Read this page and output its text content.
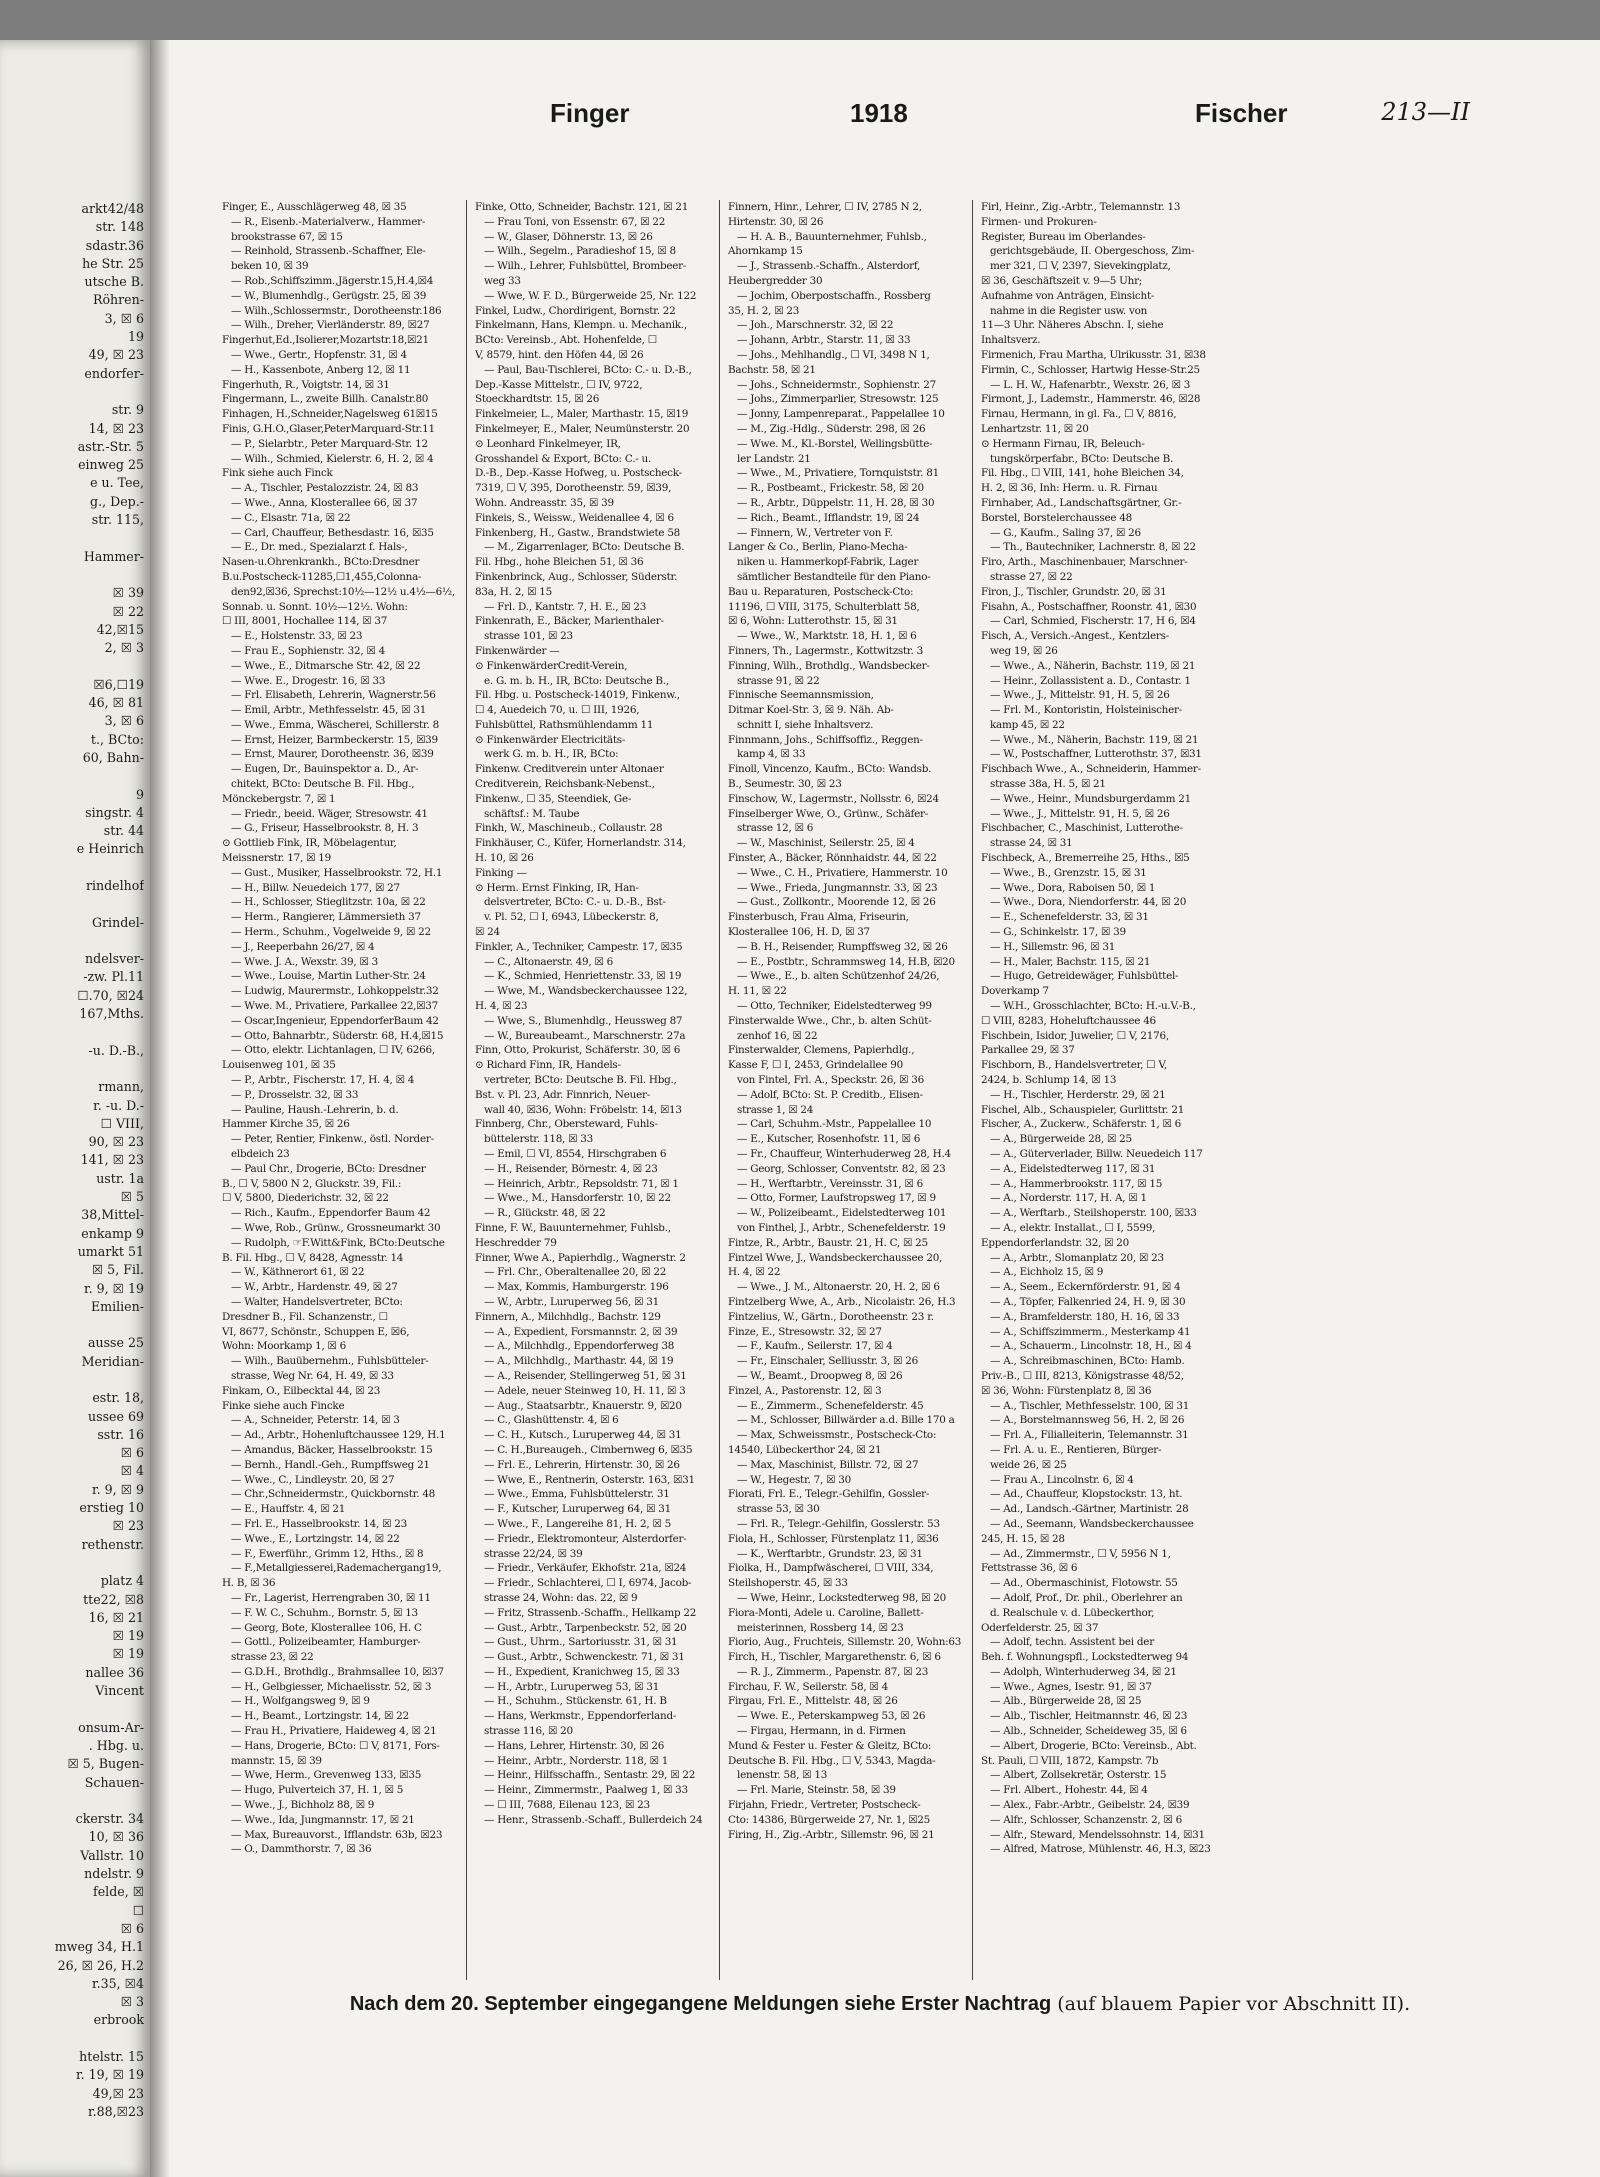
arkt42/48
str. 148
sdastr.36
he Str. 25
utsche B.
Röhren-
3, ☒ 6
19
49, ☒ 23
endorfer-
str. 9
14, ☒ 23
astr.-Str. 5
einweg 25
e u. Tee,
g., Dep.-
str. 115,
Hammer-
☒ 39
☒ 22
42,☒15
2, ☒ 3
☒6,☐19
46, ☒ 81
3, ☒ 6
t., BCto:
60, Bahn-
9
singstr. 4
str. 44
e Heinrich
rindelhof
Grindel-
ndelsver-
-zw. Pl.11
☐.70, ☒24
167,Mths.
-u. D.-B.,
rmann,
r. -u. D.-
☐ VIII,
90, ☒ 23
141, ☒ 23
ustr. 1a
☒ 5
38,Mittel-
enkamp 9
umarkt 51
☒ 5, Fil.
r. 9, ☒ 19
Emilien-
ausse 25
Meridian-
estr. 18,
ussee 69
sstr. 16
☒ 6
☒ 4
r. 9, ☒ 9
erstieg 10
☒ 23
rethenstr.
platz 4
tte22, ☒8
16, ☒ 21
☒ 19
☒ 19
nallee 36
Vincent
onsum-Ar-
. Hbg. u.
☒ 5, Bugen-
Schauen-
ckerstr. 34
10, ☒ 36
Vallstr. 10
ndelstr. 9
felde, ☒
☐
☒ 6
mweg 34, H.1
26, ☒ 26, H.2
r.35, ☒4
☒ 3
erbrook
htelstr. 15
r. 19, ☒ 19
49,☒ 23
r.88,☒23
Finger	1918	Fischer	213—II
Finger, E., Ausschlägerweg 48, ☒ 35
— R., Eisenb.-Materialverw., Hammer-
brookstrasse 67, ☒ 15
— Reinhold, Strassenb.-Schaffner, Ele-
beken 10, ☒ 39
— Rob.,Schiffszimm.,Jägerstr.15,H.4,☒4
— W., Blumenhdlg., Gerügstr. 25, ☒ 39
— Wilh.,Schlossermstr., Dorotheenstr.186
— Wilh., Dreher, Vierländerstr. 89, ☒27
Fingerhut,Ed.,Isolierer,Mozartstr.18,☒21
— Wwe., Gertr., Hopfenstr. 31, ☒ 4
— H., Kassenbote, Anberg 12, ☒ 11
Fingerhuth, R., Voigtstr. 14, ☒ 31
Fingermann, L., zweite Billh. Canalstr.80
Finhagen, H.,Schneider,Nagelsweg 61☒15
Finis, G.H.O.,Glaser,PeterMarquard-Str.11
— P., Sielarbtr., Peter Marquard-Str. 12
— Wilh., Schmied, Kielerstr. 6, H. 2, ☒ 4
Fink siehe auch Finck
— A., Tischler, Pestalozzistr. 24, ☒ 83
— Wwe., Anna, Klosterallee 66, ☒ 37
— C., Elsastr. 71a, ☒ 22
— Carl, Chauffeur, Bethesdastr. 16, ☒35
— E., Dr. med., Spezialarzt f. Hals-,
Nasen-u.Ohrenkrankh., BCto:Dresdner
B.u.Postscheck-11285,☐1,455,Colonna-
den92,☒36, Sprechst:10½—12½ u.4½—6½,
Sonnab. u. Sonnt. 10½—12½. Wohn:
☐ III, 8001, Hochallee 114, ☒ 37
— E., Holstenstr. 33, ☒ 23
— Frau E., Sophienstr. 32, ☒ 4
— Wwe., E., Ditmarsche Str. 42, ☒ 22
— Wwe. E., Drogestr. 16, ☒ 33
— Frl. Elisabeth, Lehrerin, Wagnerstr.56
— Emil, Arbtr., Methfesselstr. 45, ☒ 31
— Wwe., Emma, Wäscherei, Schillerstr. 8
— Ernst, Heizer, Barmbeckerstr. 15, ☒39
— Ernst, Maurer, Dorotheenstr. 36, ☒39
— Eugen, Dr., Bauinspektor a. D., Ar-
chitekt, BCto: Deutsche B. Fil. Hbg.,
Mönckebergstr. 7, ☒ 1
— Friedr., beeid. Wäger, Stresowstr. 41
— G., Friseur, Hasselbrookstr. 8, H. 3
⊙ Gottlieb Fink, IR, Möbelagentur,
Meissnerstr. 17, ☒ 19
— Gust., Musiker, Hasselbrookstr. 72, H.1
— H., Billw. Neuedeich 177, ☒ 27
— H., Schlosser, Stieglitzstr. 10a, ☒ 22
— Herm., Rangierer, Lämmersieth 37
— Herm., Schuhm., Vogelweide 9, ☒ 22
— J., Reeperbahn 26/27, ☒ 4
— Wwe. J. A., Wexstr. 39, ☒ 3
— Wwe., Louise, Martin Luther-Str. 24
— Ludwig, Maurermstr., Lohkoppelstr.32
— Wwe. M., Privatiere, Parkallee 22,☒37
— Oscar,Ingenieur, EppendorferBaum 42
— Otto, Bahnarbtr., Süderstr. 68, H.4,☒15
— Otto, elektr. Lichtanlagen, ☐ IV, 6266,
Louisenweg 101, ☒ 35
— P., Arbtr., Fischerstr. 17, H. 4, ☒ 4
— P., Drosselstr. 32, ☒ 33
— Pauline, Haush.-Lehrerin, b. d.
Hammer Kirche 35, ☒ 26
— Peter, Rentier, Finkenw., östl. Norder-
elbdeich 23
— Paul Chr., Drogerie, BCto: Dresdner
B., ☐ V, 5800 N 2, Gluckstr. 39, Fil.:
☐ V, 5800, Diederichstr. 32, ☒ 22
— Rich., Kaufm., Eppendorfer Baum 42
— Wwe, Rob., Grünw., Grossneumarkt 30
— Rudolph, ☞F.Witt&Fink, BCto:Deutsche
B. Fil. Hbg., ☐ V, 8428, Agnesstr. 14
— W., Käthnerort 61, ☒ 22
— W., Arbtr., Hardenstr. 49, ☒ 27
— Walter, Handelsvertreter, BCto:
Dresdner B., Fil. Schanzenstr., ☐
VI, 8677, Schönstr., Schuppen E, ☒6,
Wohn: Moorkamp 1, ☒ 6
— Wilh., Bauübernehm., Fuhlsbütteler-
strasse, Weg Nr. 64, H. 49, ☒ 33
Finkam, O., Eilbecktal 44, ☒ 23
Finke siehe auch Fincke
— A., Schneider, Peterstr. 14, ☒ 3
— Ad., Arbtr., Hohenluftchaussee 129, H.1
— Amandus, Bäcker, Hasselbrookstr. 15
— Bernh., Handl.-Geh., Rumpffsweg 21
— Wwe., C., Lindleystr. 20, ☒ 27
— Chr.,Schneidermstr., Quickbornstr. 48
— E., Hauffstr. 4, ☒ 21
— Frl. E., Hasselbrookstr. 14, ☒ 23
— Wwe., E., Lortzingstr. 14, ☒ 22
— F., Ewerführ., Grimm 12, Hths., ☒ 8
— F.,Metallgiesserei,Rademachergang19,
H. B, ☒ 36
— Fr., Lagerist, Herrengraben 30, ☒ 11
— F. W. C., Schuhm., Bornstr. 5, ☒ 13
— Georg, Bote, Klosterallee 106, H. C
— Gottl., Polizeibeamter, Hamburger-
strasse 23, ☒ 22
— G.D.H., Brothdlg., Brahmsallee 10, ☒37
— H., Gelbgiesser, Michaelisstr. 52, ☒ 3
— H., Wolfgangsweg 9, ☒ 9
— H., Beamt., Lortzingstr. 14, ☒ 22
— Frau H., Privatiere, Haideweg 4, ☒ 21
— Hans, Drogerie, BCto: ☐ V, 8171, Fors-
mannstr. 15, ☒ 39
— Wwe, Herm., Grevenweg 133, ☒35
— Hugo, Pulverteich 37, H. 1, ☒ 5
— Wwe., J., Bichholz 88, ☒ 9
— Wwe., Ida, Jungmannstr. 17, ☒ 21
— Max, Bureauvorst., Ifflandstr. 63b, ☒23
— O., Dammthorstr. 7, ☒ 36
Finke, Otto, Schneider, Bachstr. 121, ☒ 21
— Frau Toni, von Essenstr. 67, ☒ 22
— W., Glaser, Döhnerstr. 13, ☒ 26
— Wilh., Segelm., Paradieshof 15, ☒ 8
— Wilh., Lehrer, Fuhlsbüttel, Brombeer-
weg 33
— Wwe, W. F. D., Bürgerweide 25, Nr. 122
Finkel, Ludw., Chordirigent, Bornstr. 22
Finkelmann, Hans, Klempn. u. Mechanik.,
BCto: Vereinsb., Abt. Hohenfelde, ☐
V, 8579, hint. den Höfen 44, ☒ 26
— Paul, Bau-Tischlerei, BCto: C.- u. D.-B.,
Dep.-Kasse Mittelstr., ☐ IV, 9722,
Stoeckhardtstr. 15, ☒ 26
Finkelmeier, L., Maler, Marthastr. 15, ☒19
Finkelmeyer, E., Maler, Neumünsterstr. 20
⊙ Leonhard Finkelmeyer, IR,
Grosshandel & Export, BCto: C.- u.
D.-B., Dep.-Kasse Hofweg, u. Postscheck-
7319, ☐ V, 395, Dorotheenstr. 59, ☒39,
Wohn. Andreasstr. 35, ☒ 39
Finkeis, S., Weissw., Weidenallee 4, ☒ 6
Finkenberg, H., Gastw., Brandstwiete 58
— M., Zigarrenlager, BCto: Deutsche B.
Fil. Hbg., hohe Bleichen 51, ☒ 36
Finkenbrinck, Aug., Schlosser, Süderstr.
83a, H. 2, ☒ 15
— Frl. D., Kantstr. 7, H. E., ☒ 23
Finkenrath, E., Bäcker, Marienthaler-
strasse 101, ☒ 23
Finkenwärder —
⊙ FinkenwärderCredit-Verein,
e. G. m. b. H., IR, BCto: Deutsche B.,
Fil. Hbg. u. Postscheck-14019, Finkenw.,
☐ 4, Auedeich 70, u. ☐ III, 1926,
Fuhlsbüttel, Rathsmühlendamm 11
⊙ Finkenwärder Electricitäts-
werk G. m. b. H., IR, BCto:
Finkenw. Creditverein unter Altonaer
Creditverein, Reichsbank-Nebenst.,
Finkenw., ☐ 35, Steendiek, Ge-
schäftsf.: M. Taube
Finkh, W., Maschineub., Collaustr. 28
Finkhäuser, C., Küfer, Hornerlandstr. 314,
H. 10, ☒ 26
Finking —
⊙ Herm. Ernst Finking, IR, Han-
delsvertreter, BCto: C.- u. D.-B., Bst-
v. Pl. 52, ☐ I, 6943, Lübeckerstr. 8,
☒ 24
Finkler, A., Techniker, Campestr. 17, ☒35
— C., Altonaerstr. 49, ☒ 6
— K., Schmied, Henriettenstr. 33, ☒ 19
— Wwe, M., Wandsbeckerchaussee 122,
H. 4, ☒ 23
— Wwe, S., Blumenhdlg., Heussweg 87
— W., Bureaubeamt., Marschnerstr. 27a
Finn, Otto, Prokurist, Schäferstr. 30, ☒ 6
⊙ Richard Finn, IR, Handels-
vertreter, BCto: Deutsche B. Fil. Hbg.,
Bst. v. Pl. 23, Adr. Finnrich, Neuer-
wall 40, ☒36, Wohn: Fröbelstr. 14, ☒13
Finnberg, Chr., Obersteward, Fuhls-
büttelerstr. 118, ☒ 33
— Emil, ☐ VI, 8554, Hirschgraben 6
— H., Reisender, Börnestr. 4, ☒ 23
— Heinrich, Arbtr., Repsoldstr. 71, ☒ 1
— Wwe., M., Hansdorferstr. 10, ☒ 22
— R., Glückstr. 48, ☒ 22
Finne, F. W., Bauunternehmer, Fuhlsb.,
Heschredder 79
Finner, Wwe A., Papierhdlg., Wagnerstr. 2
— Frl. Chr., Oberaltenallee 20, ☒ 22
— Max, Kommis, Hamburgerstr. 196
— W., Arbtr., Luruperweg 56, ☒ 31
Finnern, A., Milchhdlg., Bachstr. 129
— A., Expedient, Forsmannstr. 2, ☒ 39
— A., Milchhdlg., Eppendorferweg 38
— A., Milchhdlg., Marthastr. 44, ☒ 19
— A., Reisender, Stellingerweg 51, ☒ 31
— Adele, neuer Steinweg 10, H. 11, ☒ 3
— Aug., Staatsarbtr., Knauerstr. 9, ☒20
— C., Glashüttenstr. 4, ☒ 6
— C. H., Kutsch., Luruperweg 44, ☒ 31
— C. H.,Bureaugeh., Cimbernweg 6, ☒35
— Frl. E., Lehrerin, Hirtenstr. 30, ☒ 26
— Wwe, E., Rentnerin, Osterstr. 163, ☒31
— Wwe., Emma, Fuhlsbüttelerstr. 31
— F., Kutscher, Luruperweg 64, ☒ 31
— Wwe., F., Langereihe 81, H. 2, ☒ 5
— Friedr., Elektromonteur, Alsterdorfer-
strasse 22/24, ☒ 39
— Friedr., Verkäufer, Ekhofstr. 21a, ☒24
— Friedr., Schlachterei, ☐ I, 6974, Jacob-
strasse 24, Wohn: das. 22, ☒ 9
— Fritz, Strassenb.-Schaffn., Hellkamp 22
— Gust., Arbtr., Tarpenbeckstr. 52, ☒ 20
— Gust., Uhrm., Sartoriusstr. 31, ☒ 31
— Gust., Arbtr., Schwenckestr. 71, ☒ 31
— H., Expedient, Kranichweg 15, ☒ 33
— H., Arbtr., Luruperweg 53, ☒ 31
— H., Schuhm., Stückenstr. 61, H. B
— Hans, Werkmstr., Eppendorferland-
strasse 116, ☒ 20
— Hans, Lehrer, Hirtenstr. 30, ☒ 26
— Heinr., Arbtr., Norderstr. 118, ☒ 1
— Heinr., Hilfsschaffn., Sentastr. 29, ☒ 22
— Heinr., Zimmermstr., Paalweg 1, ☒ 33
— ☐ III, 7688, Eilenau 123, ☒ 23
— Henr., Strassenb.-Schaff., Bullerdeich 24
Finnern, Hinr., Lehrer, ☐ IV, 2785 N 2,
Hirtenstr. 30, ☒ 26
— H. A. B., Bauunternehmer, Fuhlsb.,
Ahornkamp 15
— J., Strassenb.-Schaffn., Alsterdorf,
Heubergredder 30
— Jochim, Oberpostschaffn., Rossberg
35, H. 2, ☒ 23
— Joh., Marschnerstr. 32, ☒ 22
— Johann, Arbtr., Starstr. 11, ☒ 33
— Johs., Mehlhandlg., ☐ VI, 3498 N 1,
Bachstr. 58, ☒ 21
— Johs., Schneidermstr., Sophienstr. 27
— Johs., Zimmerparlier, Stresowstr. 125
— Jonny, Lampenreparat., Pappelallee 10
— M., Zig.-Hdlg., Süderstr. 298, ☒ 26
— Wwe. M., Kl.-Borstel, Wellingsbütte-
ler Landstr. 21
— Wwe., M., Privatiere, Tornquiststr. 81
— R., Postbeamt., Frickestr. 58, ☒ 20
— R., Arbtr., Düppelstr. 11, H. 28, ☒ 30
— Rich., Beamt., Ifflandstr. 19, ☒ 24
— Finnern, W., Vertreter von F.
Langer & Co., Berlin, Piano-Mecha-
niken u. Hammerkopf-Fabrik, Lager
sämtlicher Bestandteile für den Piano-
Bau u. Reparaturen, Postscheck-Cto:
11196, ☐ VIII, 3175, Schulterblatt 58,
☒ 6, Wohn: Lutterothstr. 15, ☒ 31
— Wwe., W., Marktstr. 18, H. 1, ☒ 6
Finners, Th., Lagermstr., Kottwitzstr. 3
Finning, Wilh., Brothdlg., Wandsbecker-
strasse 91, ☒ 22
Finnische Seemannsmission,
Ditmar Koel-Str. 3, ☒ 9. Näh. Ab-
schnitt I, siehe Inhaltsverz.
Finnmann, Johs., Schiffsoffiz., Reggen-
kamp 4, ☒ 33
Finoll, Vincenzo, Kaufm., BCto: Wandsb.
B., Seumestr. 30, ☒ 23
Finschow, W., Lagermstr., Nollsstr. 6, ☒24
Finselberger Wwe, O., Grünw., Schäfer-
strasse 12, ☒ 6
— W., Maschinist, Seilerstr. 25, ☒ 4
Finster, A., Bäcker, Rönnhaidstr. 44, ☒ 22
— Wwe., C. H., Privatiere, Hammerstr. 10
— Wwe., Frieda, Jungmannstr. 33, ☒ 23
— Gust., Zollkontr., Moorende 12, ☒ 26
Finsterbusch, Frau Alma, Friseurin,
Klosterallee 106, H. D, ☒ 37
— B. H., Reisender, Rumpffsweg 32, ☒ 26
— E., Postbtr., Schrammsweg 14, H.B, ☒20
— Wwe., E., b. alten Schützenhof 24/26,
H. 11, ☒ 22
— Otto, Techniker, Eidelstedterweg 99
Finsterwalde Wwe., Chr., b. alten Schüt-
zenhof 16, ☒ 22
Finsterwalder, Clemens, Papierhdlg.,
Kasse F, ☐ I, 2453, Grindelallee 90
von Fintel, Frl. A., Speckstr. 26, ☒ 36
— Adolf, BCto: St. P. Creditb., Elisen-
strasse 1, ☒ 24
— Carl, Schuhm.-Mstr., Pappelallee 10
— E., Kutscher, Rosenhofstr. 11, ☒ 6
— Fr., Chauffeur, Winterhuderweg 28, H.4
— Georg, Schlosser, Conventstr. 82, ☒ 23
— H., Werftarbtr., Vereinsstr. 31, ☒ 6
— Otto, Former, Laufstropsweg 17, ☒ 9
— W., Polizeibeamt., Eidelstedterweg 101
von Finthel, J., Arbtr., Schenefelderstr. 19
Fintze, R., Arbtr., Baustr. 21, H. C, ☒ 25
Fintzel Wwe, J., Wandsbeckerchaussee 20,
H. 4, ☒ 22
— Wwe., J. M., Altonaerstr. 20, H. 2, ☒ 6
Fintzelberg Wwe, A., Arb., Nicolaistr. 26, H.3
Fintzelius, W., Gärtn., Dorotheenstr. 23 r.
Finze, E., Stresowstr. 32, ☒ 27
— F., Kaufm., Seilerstr. 17, ☒ 4
— Fr., Einschaler, Selliusstr. 3, ☒ 26
— W., Beamt., Droopweg 8, ☒ 26
Finzel, A., Pastorenstr. 12, ☒ 3
— E., Zimmerm., Schenefelderstr. 45
— M., Schlosser, Billwärder a.d. Bille 170 a
— Max, Schweissmstr., Postscheck-Cto:
14540, Lübeckerthor 24, ☒ 21
— Max, Maschinist, Billstr. 72, ☒ 27
— W., Hegestr. 7, ☒ 30
Fiorati, Frl. E., Telegr.-Gehilfin, Gossler-
strasse 53, ☒ 30
— Frl. R., Telegr.-Gehilfin, Gosslerstr. 53
Fiola, H., Schlosser, Fürstenplatz 11, ☒36
— K., Werftarbtr., Grundstr. 23, ☒ 31
Fiolka, H., Dampfwäscherei, ☐ VIII, 334,
Steilshoperstr. 45, ☒ 33
— Wwe, Heinr., Lockstedterweg 98, ☒ 20
Fiora-Monti, Adele u. Caroline, Ballett-
meisterinnen, Rossberg 14, ☒ 23
Fiorio, Aug., Fruchteis, Sillemstr. 20, Wohn:63
Firch, H., Tischler, Margarethenstr. 6, ☒ 6
— R. J., Zimmerm., Papenstr. 87, ☒ 23
Firchau, F. W., Seilerstr. 58, ☒ 4
Firgau, Frl. E., Mittelstr. 48, ☒ 26
— Wwe. E., Peterskampweg 53, ☒ 26
— Firgau, Hermann, in d. Firmen
Mund & Fester u. Fester & Gleitz, BCto:
Deutsche B. Fil. Hbg., ☐ V, 5343, Magda-
lenenstr. 58, ☒ 13
— Frl. Marie, Steinstr. 58, ☒ 39
Firjahn, Friedr., Vertreter, Postscheck-
Cto: 14386, Bürgerweide 27, Nr. 1, ☒25
Firing, H., Zig.-Arbtr., Sillemstr. 96, ☒ 21
Firl, Heinr., Zig.-Arbtr., Telemannstr. 13
Firmen- und Prokuren-
Register, Bureau im Oberlandes-
gerichtsgebäude, II. Obergeschoss, Zim-
mer 321, ☐ V, 2397, Sievekingplatz,
☒ 36, Geschäftszeit v. 9—5 Uhr;
Aufnahme von Anträgen, Einsicht-
nahme in die Register usw. von
11—3 Uhr. Näheres Abschn. I, siehe
Inhaltsverz.
Firmenich, Frau Martha, Ulrikusstr. 31, ☒38
Firmin, C., Schlosser, Hartwig Hesse-Str.25
— L. H. W., Hafenarbtr., Wexstr. 26, ☒ 3
Firmont, J., Lademstr., Hammerstr. 46, ☒28
Firnau, Hermann, in gl. Fa., ☐ V, 8816,
Lenhartzstr. 11, ☒ 20
⊙ Hermann Firnau, IR, Beleuch-
tungskörperfabr., BCto: Deutsche B.
Fil. Hbg., ☐ VIII, 141, hohe Bleichen 34,
H. 2, ☒ 36, Inh: Herm. u. R. Firnau
Firnhaber, Ad., Landschaftsgärtner, Gr.-
Borstel, Borstelerchaussee 48
— G., Kaufm., Saling 37, ☒ 26
— Th., Bautechniker, Lachnerstr. 8, ☒ 22
Firo, Arth., Maschinenbauer, Marschner-
strasse 27, ☒ 22
Firon, J., Tischler, Grundstr. 20, ☒ 31
Fisahn, A., Postschaffner, Roonstr. 41, ☒30
— Carl, Schmied, Fischerstr. 17, H 6, ☒4
Fisch, A., Versich.-Angest., Kentzlers-
weg 19, ☒ 26
— Wwe., A., Näherin, Bachstr. 119, ☒ 21
— Heinr., Zollassistent a. D., Contastr. 1
— Wwe., J., Mittelstr. 91, H. 5, ☒ 26
— Frl. M., Kontoristin, Holsteinischer-
kamp 45, ☒ 22
— Wwe., M., Näherin, Bachstr. 119, ☒ 21
— W., Postschaffner, Lutterothstr. 37, ☒31
Fischbach Wwe., A., Schneiderin, Hammer-
strasse 38a, H. 5, ☒ 21
— Wwe., Heinr., Mundsburgerdamm 21
— Wwe., J., Mittelstr. 91, H. 5, ☒ 26
Fischbacher, C., Maschinist, Lutterothe-
strasse 24, ☒ 31
Fischbeck, A., Bremerreihe 25, Hths., ☒5
— Wwe., B., Grenzstr. 15, ☒ 31
— Wwe., Dora, Raboisen 50, ☒ 1
— Wwe., Dora, Niendorferstr. 44, ☒ 20
— E., Schenefelderstr. 33, ☒ 31
— G., Schinkelstr. 17, ☒ 39
— H., Sillemstr. 96, ☒ 31
— H., Maler, Bachstr. 115, ☒ 21
— Hugo, Getreidewäger, Fuhlsbüttel-
Doverkamp 7
— W.H., Grosschlachter, BCto: H.-u.V.-B.,
☐ VIII, 8283, Hoheluftchaussee 46
Fischbein, Isidor, Juwelier, ☐ V, 2176,
Parkallee 29, ☒ 37
Fischborn, B., Handelsvertreter, ☐ V,
2424, b. Schlump 14, ☒ 13
— H., Tischler, Herderstr. 29, ☒ 21
Fischel, Alb., Schauspieler, Gurlittstr. 21
Fischer, A., Zuckerw., Schäferstr. 1, ☒ 6
— A., Bürgerweide 28, ☒ 25
— A., Güterverlader, Billw. Neuedeich 117
— A., Eidelstedterweg 117, ☒ 31
— A., Hammerbrookstr. 117, ☒ 15
— A., Norderstr. 117, H. A, ☒ 1
— A., Werftarb., Steilshoperstr. 100, ☒33
— A., elektr. Installat., ☐ I, 5599,
Eppendorferlandstr. 32, ☒ 20
— A., Arbtr., Slomanplatz 20, ☒ 23
— A., Eichholz 15, ☒ 9
— A., Seem., Eckernförderstr. 91, ☒ 4
— A., Töpfer, Falkenried 24, H. 9, ☒ 30
— A., Bramfelderstr. 180, H. 16, ☒ 33
— A., Schiffszimmerm., Mesterkamp 41
— A., Schauerm., Lincolnstr. 18, H., ☒ 4
— A., Schreibmaschinen, BCto: Hamb.
Priv.-B., ☐ III, 8213, Königstrasse 48/52,
☒ 36, Wohn: Fürstenplatz 8, ☒ 36
— A., Tischler, Methfesselstr. 100, ☒ 31
— A., Borstelmannsweg 56, H. 2, ☒ 26
— Frl. A., Filialleiterin, Telemannstr. 31
— Frl. A. u. E., Rentieren, Bürger-
weide 26, ☒ 25
— Frau A., Lincolnstr. 6, ☒ 4
— Ad., Chauffeur, Klopstockstr. 13, ht.
— Ad., Landsch.-Gärtner, Martinistr. 28
— Ad., Seemann, Wandsbeckerchaussee
245, H. 15, ☒ 28
— Ad., Zimmermstr., ☐ V, 5956 N 1,
Fettstrasse 36, ☒ 6
— Ad., Obermaschinist, Flotowstr. 55
— Adolf, Prof., Dr. phil., Oberlehrer an
d. Realschule v. d. Lübeckerthor,
Oderfelderstr. 25, ☒ 37
— Adolf, techn. Assistent bei der
Beh. f. Wohnungspfl., Lockstedterweg 94
— Adolph, Winterhuderweg 34, ☒ 21
— Wwe., Agnes, Isestr. 91, ☒ 37
— Alb., Bürgerweide 28, ☒ 25
— Alb., Tischler, Heitmannstr. 46, ☒ 23
— Alb., Schneider, Scheideweg 35, ☒ 6
— Albert, Drogerie, BCto: Vereinsb., Abt.
St. Pauli, ☐ VIII, 1872, Kampstr. 7b
— Albert, Zollsekretär, Osterstr. 15
— Frl. Albert., Hohestr. 44, ☒ 4
— Alex., Fabr.-Arbtr., Geibelstr. 24, ☒39
— Alfr., Schlosser, Schanzenstr. 2, ☒ 6
— Alfr., Steward, Mendelssohnstr. 14, ☒31
— Alfred, Matrose, Mühlenstr. 46, H.3, ☒23
Nach dem 20. September eingegangene Meldungen siehe Erster Nachtrag (auf blauem Papier vor Abschnitt II).
